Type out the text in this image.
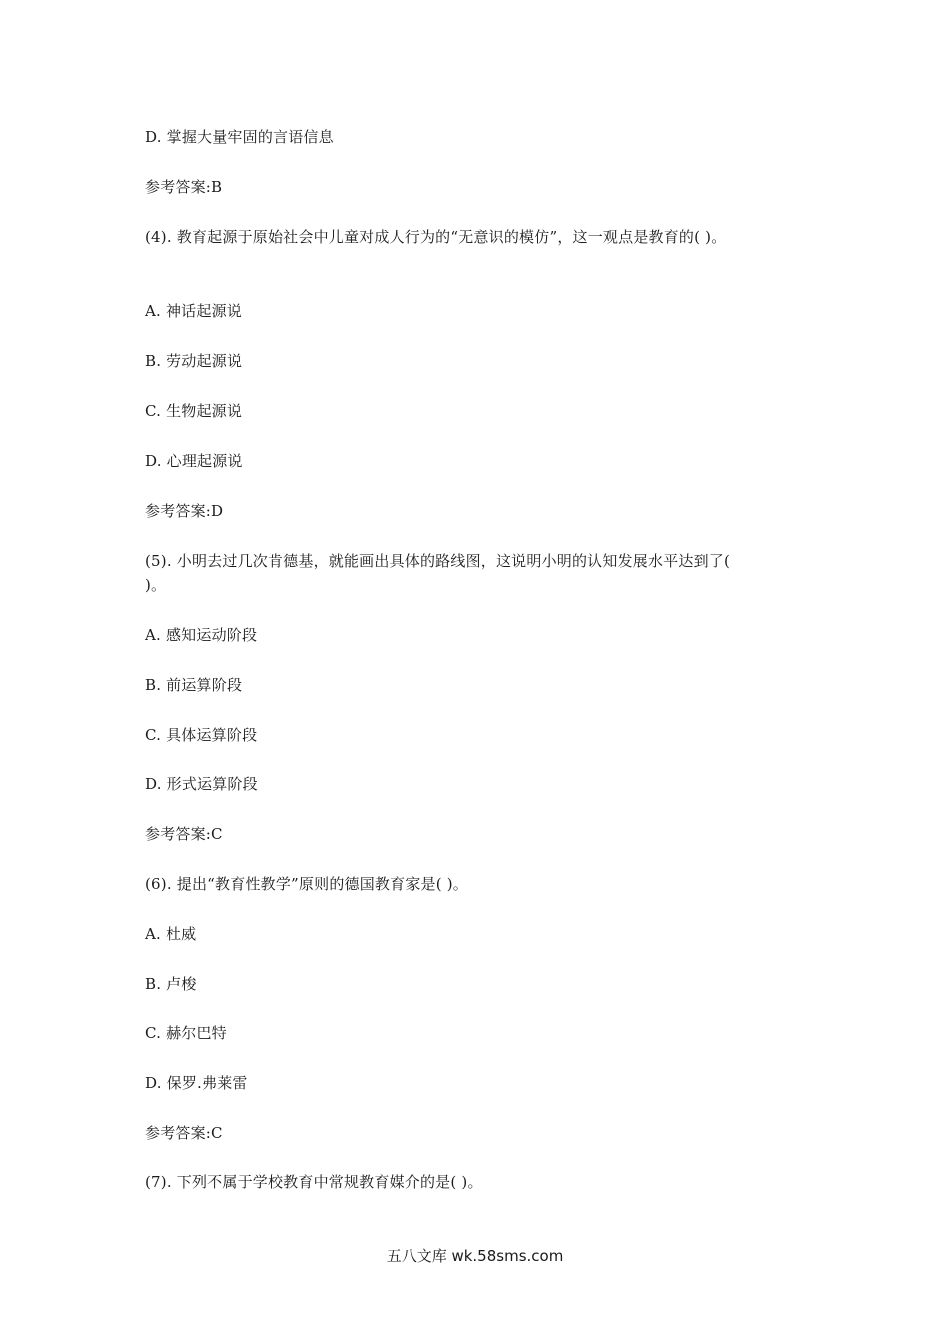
D. 掌握大量牢固的言语信息
参考答案:B
(4). 教育起源于原始社会中儿童对成人行为的“无意识的模仿”，这一观点是教育的( )。
A. 神话起源说
B. 劳动起源说
C. 生物起源说
D. 心理起源说
参考答案:D
(5). 小明去过几次肯德基，就能画出具体的路线图，这说明小明的认知发展水平达到了(
)。
A. 感知运动阶段
B. 前运算阶段
C. 具体运算阶段
D. 形式运算阶段
参考答案:C
(6). 提出“教育性教学”原则的德国教育家是( )。
A. 杜威
B. 卢梭
C. 赫尔巴特
D. 保罗.弗莱雷
参考答案:C
(7). 下列不属于学校教育中常规教育媒介的是( )。
五八文库 wk.58sms.com
